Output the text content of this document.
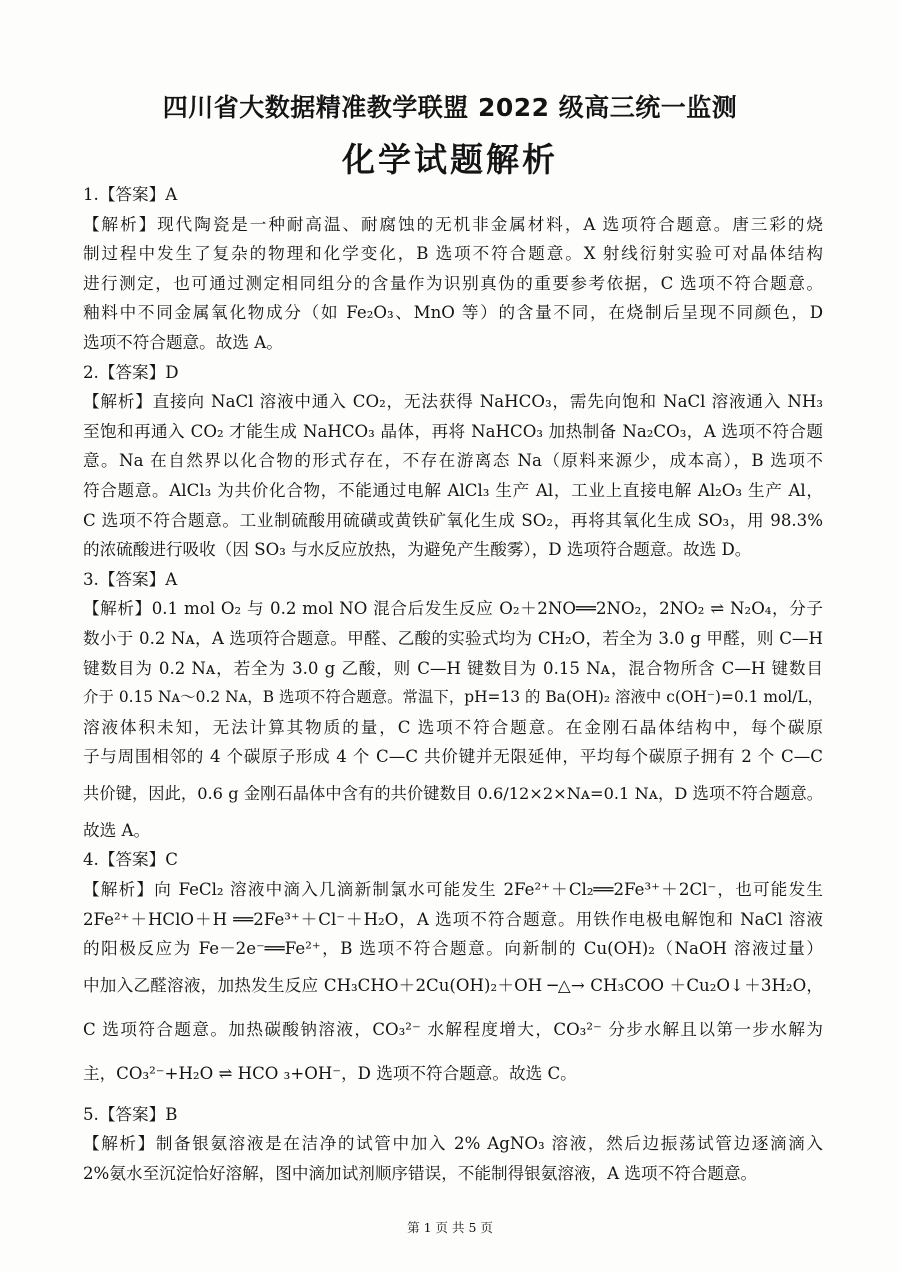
四川省大数据精准教学联盟 2022 级高三统一监测
化学试题解析
1.【答案】A
【解析】现代陶瓷是一种耐高温、耐腐蚀的无机非金属材料，A 选项符合题意。唐三彩的烧
制过程中发生了复杂的物理和化学变化，B 选项不符合题意。X 射线衍射实验可对晶体结构
进行测定，也可通过测定相同组分的含量作为识别真伪的重要参考依据，C 选项不符合题意。
釉料中不同金属氧化物成分（如 Fe₂O₃、MnO 等）的含量不同，在烧制后呈现不同颜色，D
选项不符合题意。故选 A。
2.【答案】D
【解析】直接向 NaCl 溶液中通入 CO₂，无法获得 NaHCO₃，需先向饱和 NaCl 溶液通入 NH₃
至饱和再通入 CO₂ 才能生成 NaHCO₃ 晶体，再将 NaHCO₃ 加热制备 Na₂CO₃，A 选项不符合题
意。Na 在自然界以化合物的形式存在，不存在游离态 Na（原料来源少，成本高），B 选项不
符合题意。AlCl₃ 为共价化合物，不能通过电解 AlCl₃ 生产 Al，工业上直接电解 Al₂O₃ 生产 Al，
C 选项不符合题意。工业制硫酸用硫磺或黄铁矿氧化生成 SO₂，再将其氧化生成 SO₃，用 98.3%
的浓硫酸进行吸收（因 SO₃ 与水反应放热，为避免产生酸雾），D 选项符合题意。故选 D。
3.【答案】A
【解析】0.1 mol O₂ 与 0.2 mol NO 混合后发生反应 O₂＋2NO══2NO₂，2NO₂ ⇌ N₂O₄，分子
数小于 0.2 Nᴀ，A 选项符合题意。甲醛、乙酸的实验式均为 CH₂O，若全为 3.0 g 甲醛，则 C—H
键数目为 0.2 Nᴀ，若全为 3.0 g 乙酸，则 C—H 键数目为 0.15 Nᴀ，混合物所含 C—H 键数目
介于 0.15 Nᴀ～0.2 Nᴀ，B 选项不符合题意。常温下，pH=13 的 Ba(OH)₂ 溶液中 c(OH⁻)=0.1 mol/L，
溶液体积未知，无法计算其物质的量，C 选项不符合题意。在金刚石晶体结构中，每个碳原
子与周围相邻的 4 个碳原子形成 4 个 C—C 共价键并无限延伸，平均每个碳原子拥有 2 个 C—C
共价键，因此，0.6 g 金刚石晶体中含有的共价键数目 0.6/12×2×Nᴀ=0.1 Nᴀ，D 选项不符合题意。
故选 A。
4.【答案】C
【解析】向 FeCl₂ 溶液中滴入几滴新制氯水可能发生 2Fe²⁺＋Cl₂══2Fe³⁺＋2Cl⁻，也可能发生
2Fe²⁺＋HClO＋H ══2Fe³⁺＋Cl⁻＋H₂O，A 选项不符合题意。用铁作电极电解饱和 NaCl 溶液
的阳极反应为 Fe－2e⁻══Fe²⁺，B 选项不符合题意。向新制的 Cu(OH)₂（NaOH 溶液过量）
中加入乙醛溶液，加热发生反应 CH₃CHO＋2Cu(OH)₂＋OH ─△→ CH₃COO ＋Cu₂O↓＋3H₂O，
C 选项符合题意。加热碳酸钠溶液，CO₃²⁻ 水解程度增大，CO₃²⁻ 分步水解且以第一步水解为
主，CO₃²⁻+H₂O ⇌ HCO ₃+OH⁻，D 选项不符合题意。故选 C。
5.【答案】B
【解析】制备银氨溶液是在洁净的试管中加入 2% AgNO₃ 溶液，然后边振荡试管边逐滴滴入
2%氨水至沉淀恰好溶解，图中滴加试剂顺序错误，不能制得银氨溶液，A 选项不符合题意。
第 1 页 共 5 页
